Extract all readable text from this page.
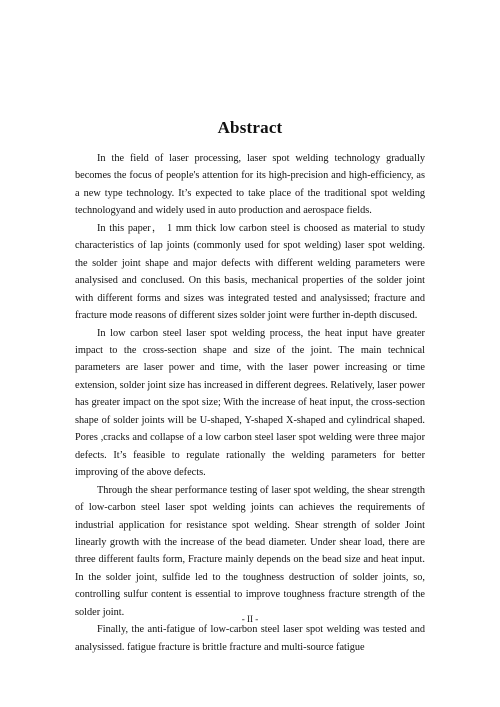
Abstract

In the field of laser processing, laser spot welding technology gradually becomes the focus of people's attention for its high-precision and high-efficiency, as a new type technology. It’s expected to take place of the traditional spot welding technologyand and widely used in auto production and aerospace fields.

In this paper， 1 mm thick low carbon steel is choosed as material to study characteristics of lap joints (commonly used for spot welding) laser spot welding. the solder joint shape and major defects with different welding parameters were analysised and conclused. On this basis, mechanical properties of the solder joint with different forms and sizes was integrated tested and analysissed; fracture and fracture mode reasons of different sizes solder joint were further in-depth discused.

In low carbon steel laser spot welding process, the heat input have greater impact to the cross-section shape and size of the joint. The main technical parameters are laser power and time, with the laser power increasing or time extension, solder joint size has increased in different degrees. Relatively, laser power has greater impact on the spot size; With the increase of heat input, the cross-section shape of solder joints will be U-shaped, Y-shaped X-shaped and cylindrical shaped. Pores ,cracks and collapse of a low carbon steel laser spot welding were three major defects. It’s feasible to regulate rationally the welding parameters for better improving of the above defects.

Through the shear performance testing of laser spot welding, the shear strength of low-carbon steel laser spot welding joints can achieves the requirements of industrial application for resistance spot welding. Shear strength of solder Joint linearly growth with the increase of the bead diameter. Under shear load, there are three different faults form, Fracture mainly depends on the bead size and heat input. In the solder joint, sulfide led to the toughness destruction of solder joints, so, controlling sulfur content is essential to improve toughness fracture strength of the solder joint.

Finally, the anti-fatigue of low-carbon steel laser spot welding was tested and analysissed. fatigue fracture is brittle fracture and multi-source fatigue

- II -
